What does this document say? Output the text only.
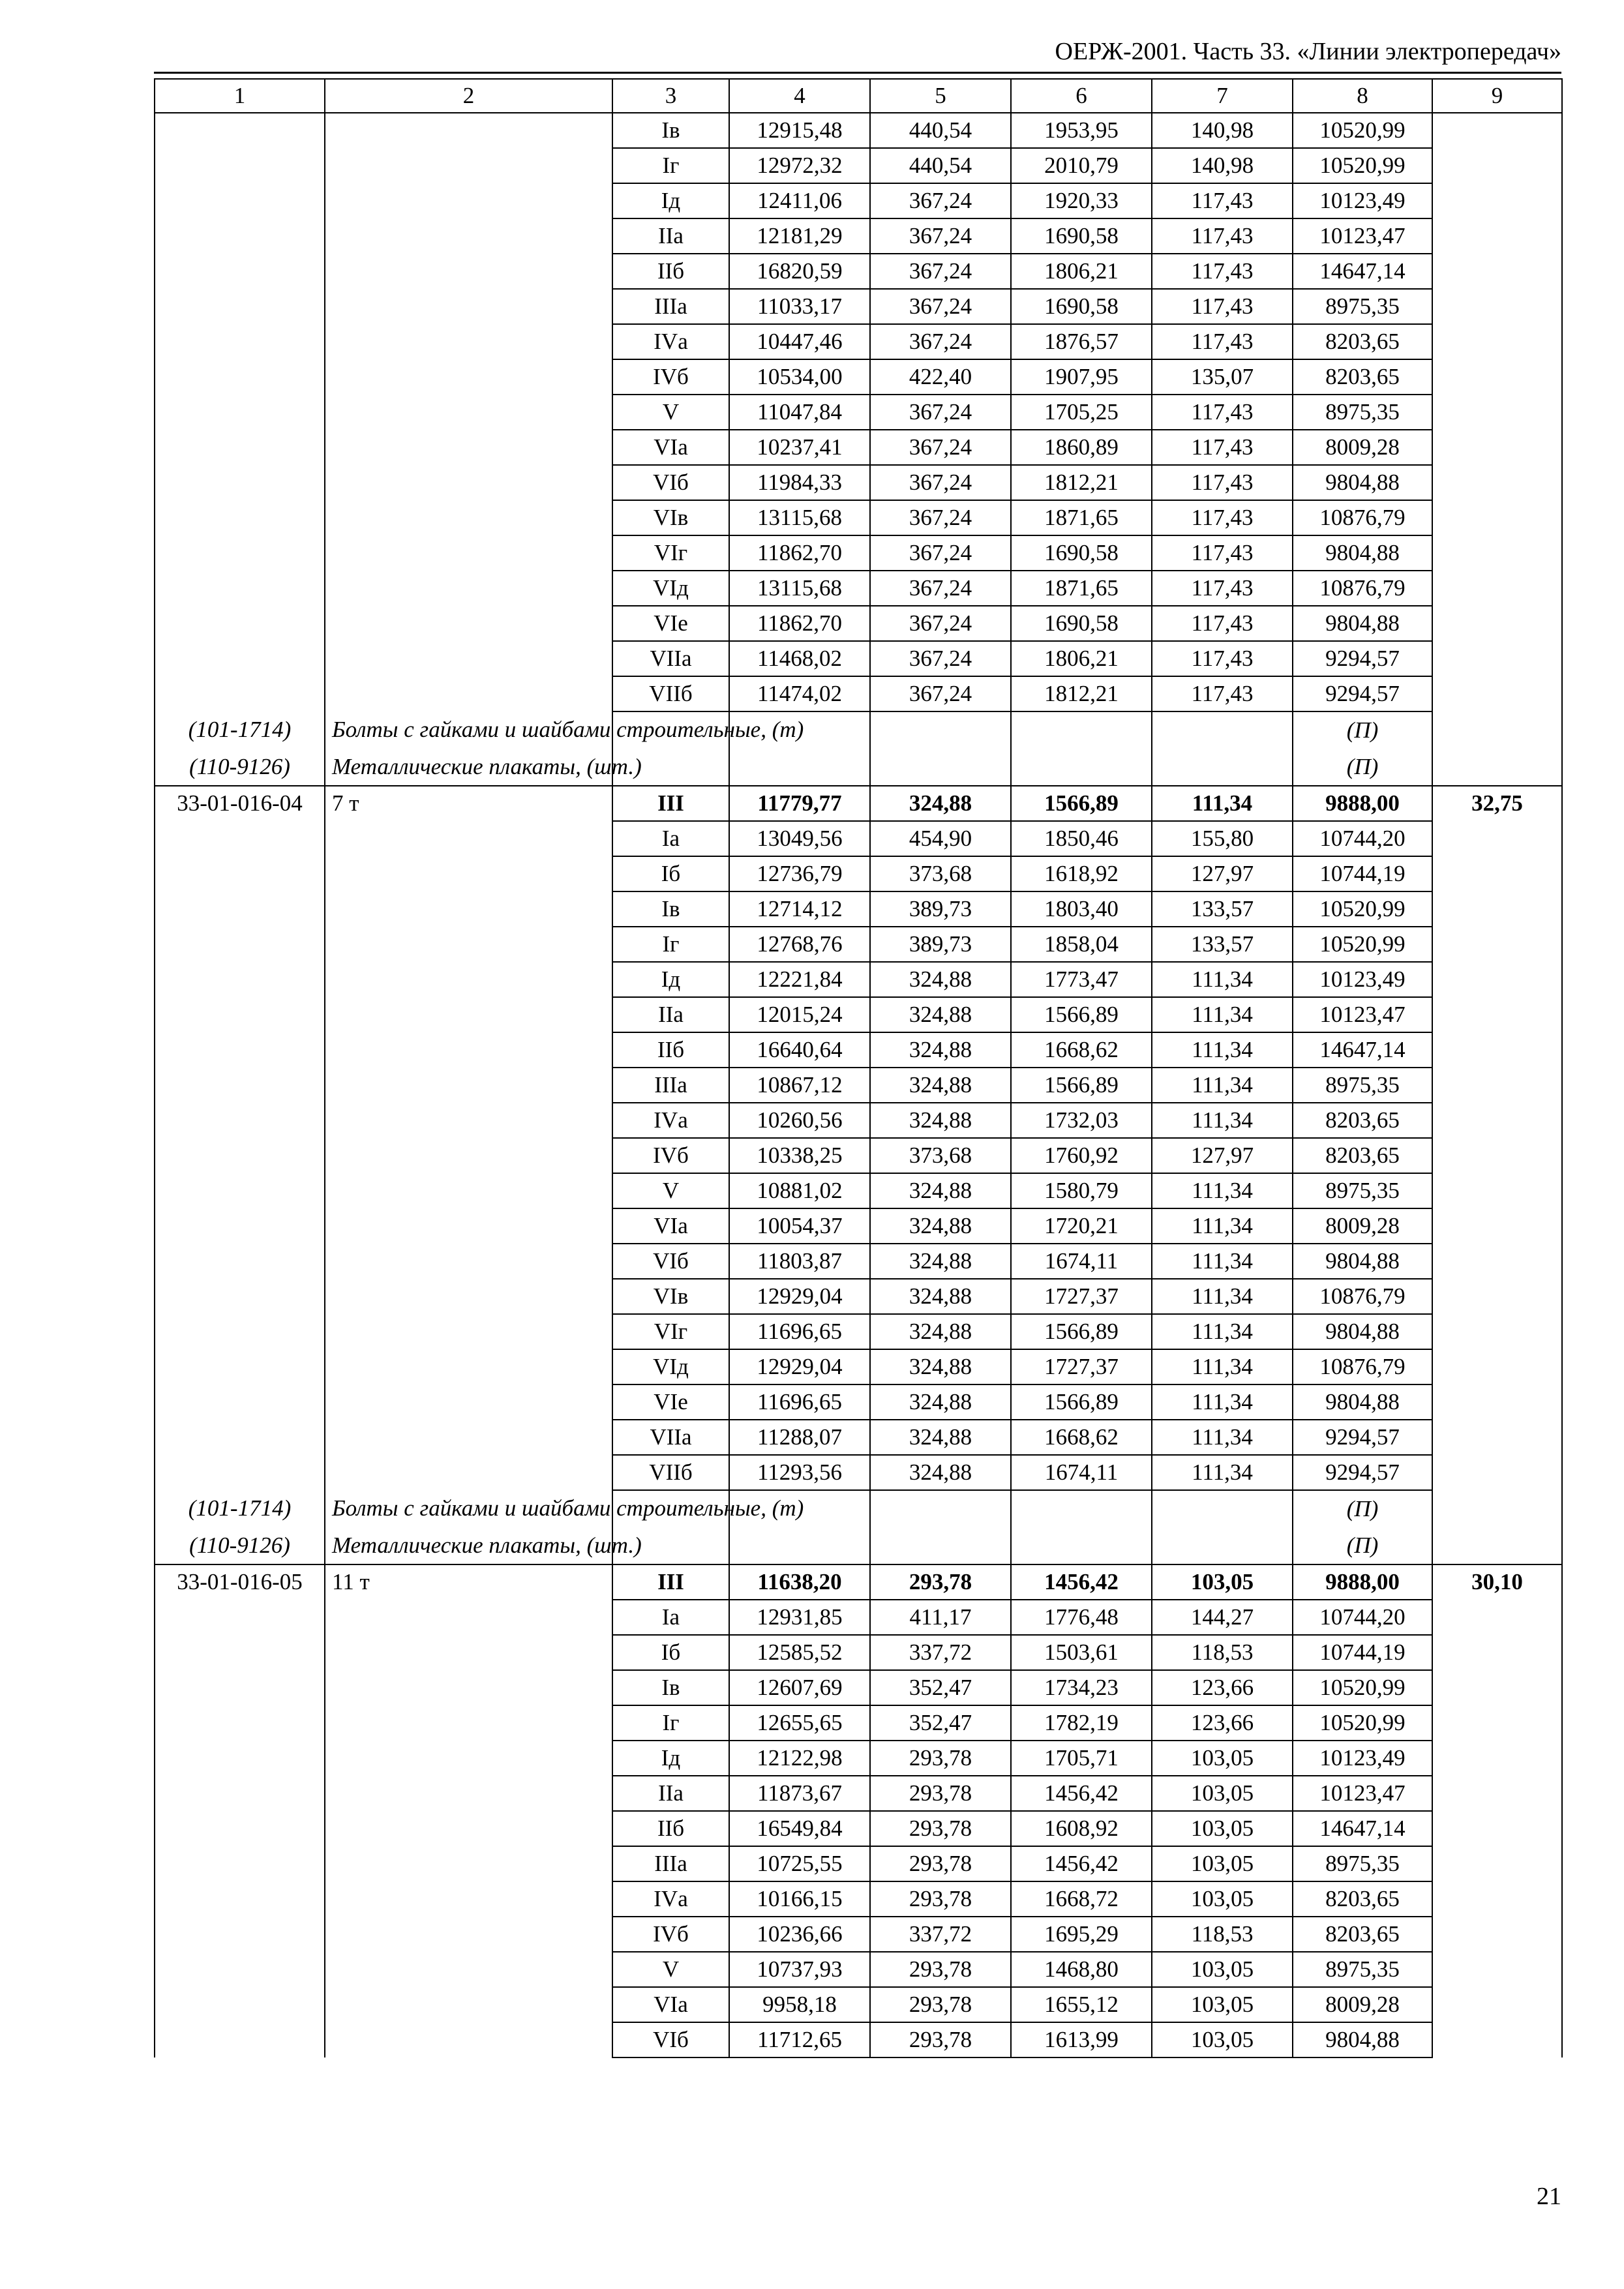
ОЕРЖ-2001. Часть 33. «Линии электропередач»
1	2	3	4	5	6	7	8	9
		Iв	12915,48	440,54	1953,95	140,98	10520,99	
		Iг	12972,32	440,54	2010,79	140,98	10520,99	
		Iд	12411,06	367,24	1920,33	117,43	10123,49	
		IIа	12181,29	367,24	1690,58	117,43	10123,47	
		IIб	16820,59	367,24	1806,21	117,43	14647,14	
		IIIа	11033,17	367,24	1690,58	117,43	8975,35	
		IVа	10447,46	367,24	1876,57	117,43	8203,65	
		IVб	10534,00	422,40	1907,95	135,07	8203,65	
		V	11047,84	367,24	1705,25	117,43	8975,35	
		VIа	10237,41	367,24	1860,89	117,43	8009,28	
		VIб	11984,33	367,24	1812,21	117,43	9804,88	
		VIв	13115,68	367,24	1871,65	117,43	10876,79	
		VIг	11862,70	367,24	1690,58	117,43	9804,88	
		VIд	13115,68	367,24	1871,65	117,43	10876,79	
		VIе	11862,70	367,24	1690,58	117,43	9804,88	
		VIIа	11468,02	367,24	1806,21	117,43	9294,57	
		VIIб	11474,02	367,24	1812,21	117,43	9294,57	
(101-1714)	Болты с гайками и шайбами строительные, (т)						(П)	
(110-9126)	Металлические плакаты, (шт.)						(П)	
33-01-016-04	7 т	III	11779,77	324,88	1566,89	111,34	9888,00	32,75
		Iа	13049,56	454,90	1850,46	155,80	10744,20	
		Iб	12736,79	373,68	1618,92	127,97	10744,19	
		Iв	12714,12	389,73	1803,40	133,57	10520,99	
		Iг	12768,76	389,73	1858,04	133,57	10520,99	
		Iд	12221,84	324,88	1773,47	111,34	10123,49	
		IIа	12015,24	324,88	1566,89	111,34	10123,47	
		IIб	16640,64	324,88	1668,62	111,34	14647,14	
		IIIа	10867,12	324,88	1566,89	111,34	8975,35	
		IVа	10260,56	324,88	1732,03	111,34	8203,65	
		IVб	10338,25	373,68	1760,92	127,97	8203,65	
		V	10881,02	324,88	1580,79	111,34	8975,35	
		VIа	10054,37	324,88	1720,21	111,34	8009,28	
		VIб	11803,87	324,88	1674,11	111,34	9804,88	
		VIв	12929,04	324,88	1727,37	111,34	10876,79	
		VIг	11696,65	324,88	1566,89	111,34	9804,88	
		VIд	12929,04	324,88	1727,37	111,34	10876,79	
		VIе	11696,65	324,88	1566,89	111,34	9804,88	
		VIIа	11288,07	324,88	1668,62	111,34	9294,57	
		VIIб	11293,56	324,88	1674,11	111,34	9294,57	
(101-1714)	Болты с гайками и шайбами строительные, (т)						(П)	
(110-9126)	Металлические плакаты, (шт.)						(П)	
33-01-016-05	11 т	III	11638,20	293,78	1456,42	103,05	9888,00	30,10
		Iа	12931,85	411,17	1776,48	144,27	10744,20	
		Iб	12585,52	337,72	1503,61	118,53	10744,19	
		Iв	12607,69	352,47	1734,23	123,66	10520,99	
		Iг	12655,65	352,47	1782,19	123,66	10520,99	
		Iд	12122,98	293,78	1705,71	103,05	10123,49	
		IIа	11873,67	293,78	1456,42	103,05	10123,47	
		IIб	16549,84	293,78	1608,92	103,05	14647,14	
		IIIа	10725,55	293,78	1456,42	103,05	8975,35	
		IVа	10166,15	293,78	1668,72	103,05	8203,65	
		IVб	10236,66	337,72	1695,29	118,53	8203,65	
		V	10737,93	293,78	1468,80	103,05	8975,35	
		VIа	9958,18	293,78	1655,12	103,05	8009,28	
		VIб	11712,65	293,78	1613,99	103,05	9804,88	
21
